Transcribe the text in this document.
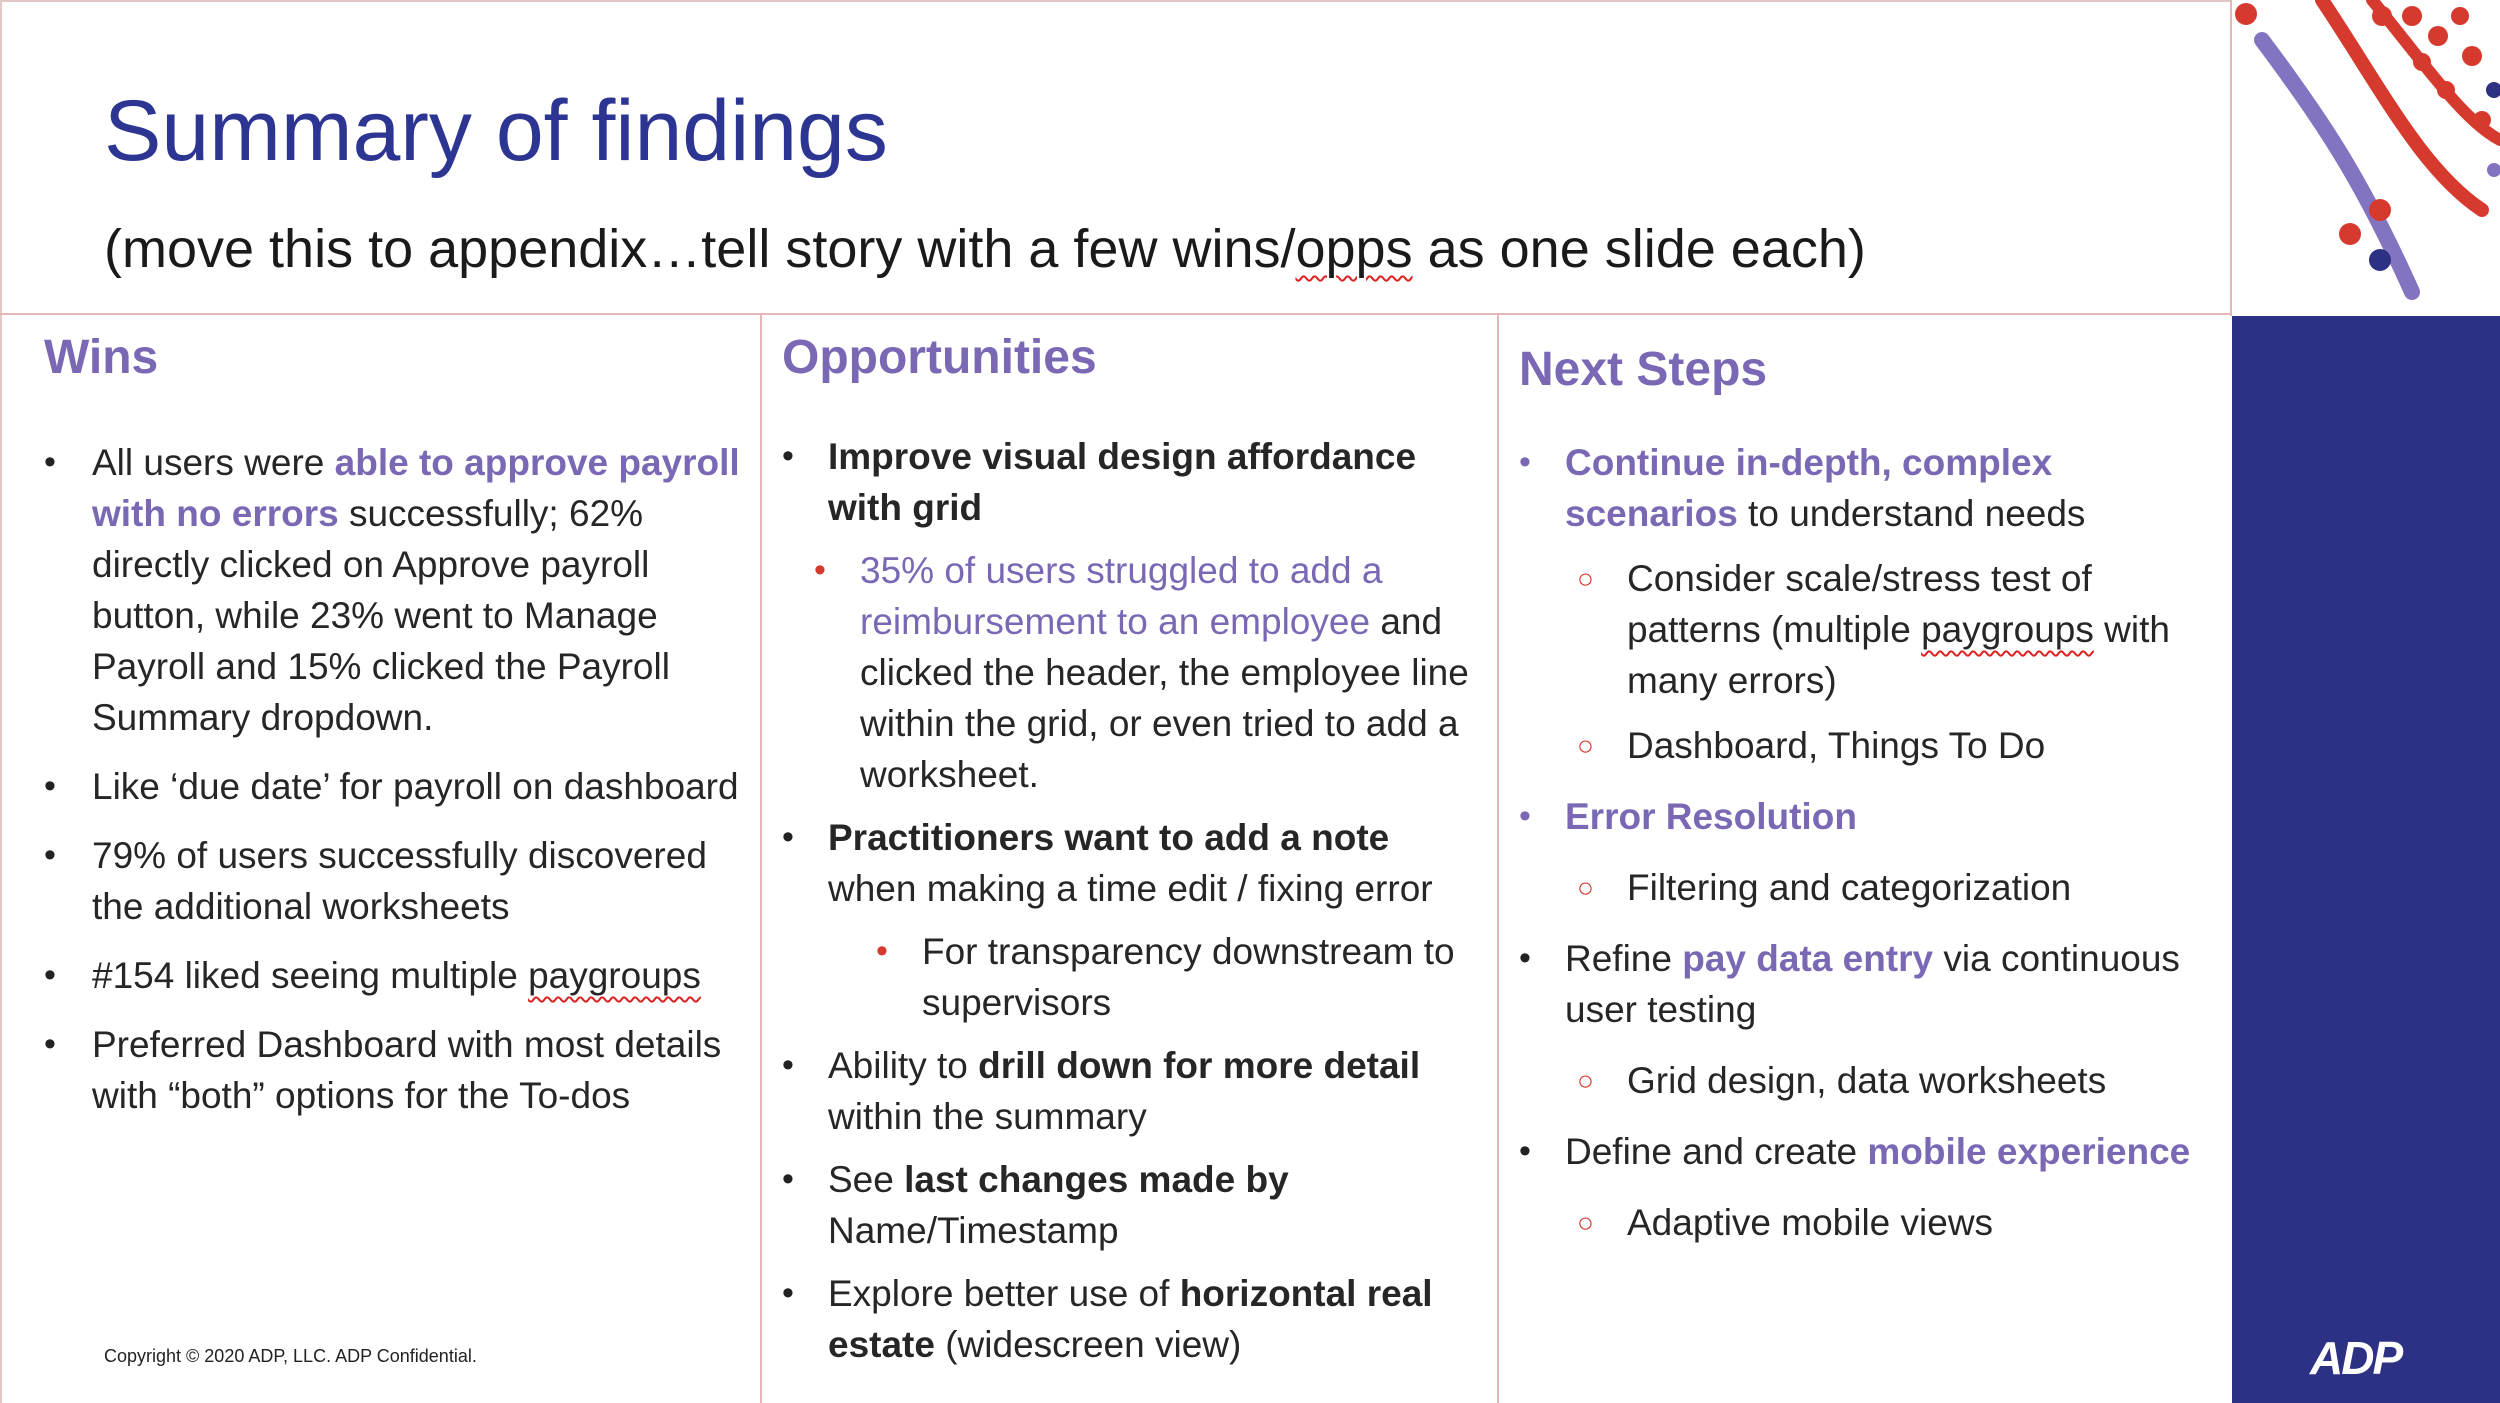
Summary of findings
(move this to appendix…tell story with a few wins/opps as one slide each)
Wins
• All users were able to approve payroll with no errors successfully; 62% directly clicked on Approve payroll button, while 23% went to Manage Payroll and 15% clicked the Payroll Summary dropdown.
• Like ‘due date’ for payroll on dashboard
• 79% of users successfully discovered the additional worksheets
• #154 liked seeing multiple paygroups
• Preferred Dashboard with most details with “both” options for the To-dos
Opportunities
• Improve visual design affordance with grid
• 35% of users struggled to add a reimbursement to an employee and clicked the header, the employee line within the grid, or even tried to add a worksheet.
• Practitioners want to add a note when making a time edit / fixing error
• For transparency downstream to supervisors
• Ability to drill down for more detail within the summary
• See last changes made by Name/Timestamp
• Explore better use of horizontal real estate (widescreen view)
Next Steps
• Continue in-depth, complex scenarios to understand needs
○ Consider scale/stress test of patterns (multiple paygroups with many errors)
○ Dashboard, Things To Do
• Error Resolution
○ Filtering and categorization
• Refine pay data entry via continuous user testing
○ Grid design, data worksheets
• Define and create mobile experience
○ Adaptive mobile views
Copyright © 2020 ADP, LLC. ADP Confidential.	ADP
